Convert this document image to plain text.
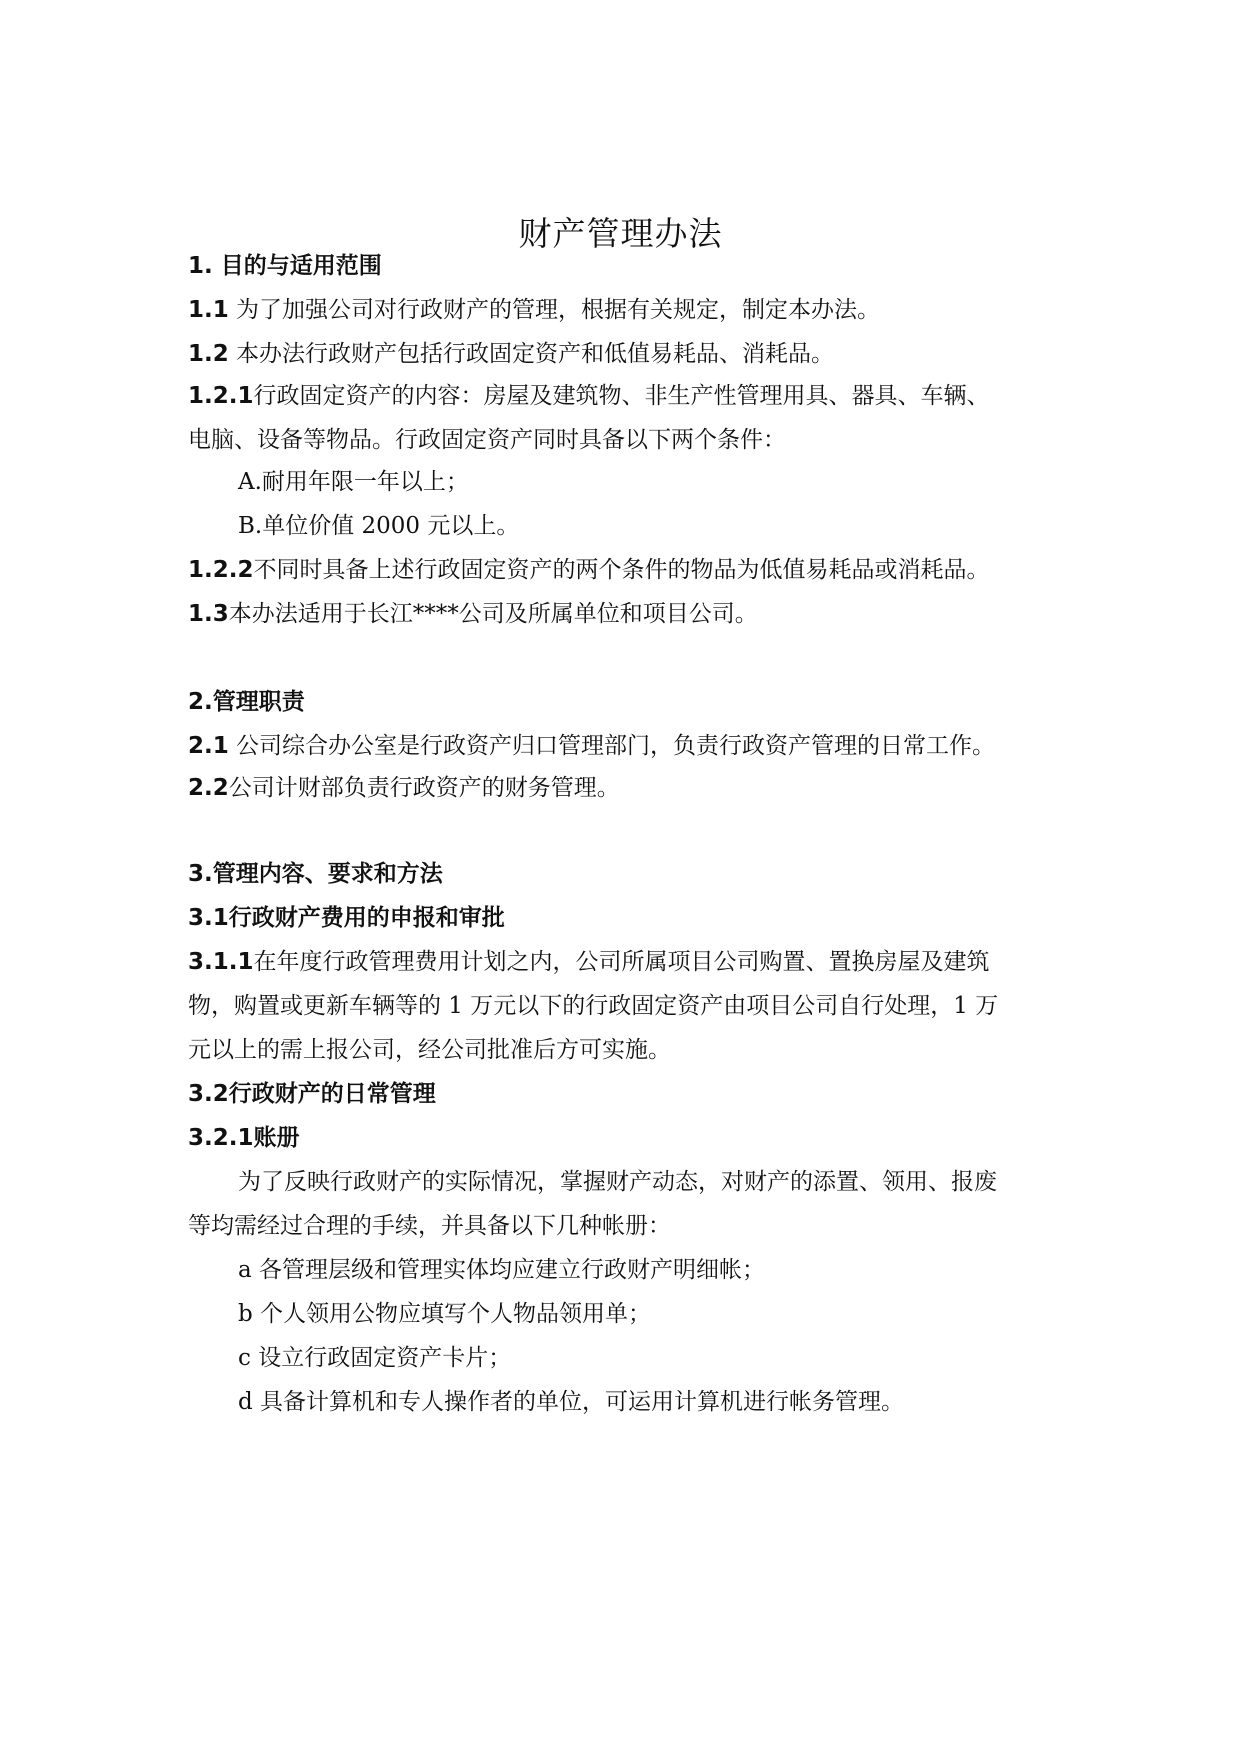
财产管理办法
1. 目的与适用范围
1.1 为了加强公司对行政财产的管理，根据有关规定，制定本办法。
1.2 本办法行政财产包括行政固定资产和低值易耗品、消耗品。
1.2.1行政固定资产的内容：房屋及建筑物、非生产性管理用具、器具、车辆、
电脑、设备等物品。行政固定资产同时具备以下两个条件：
A.耐用年限一年以上；
B.单位价值 2000 元以上。
1.2.2不同时具备上述行政固定资产的两个条件的物品为低值易耗品或消耗品。
1.3本办法适用于长江****公司及所属单位和项目公司。
2.管理职责
2.1 公司综合办公室是行政资产归口管理部门，负责行政资产管理的日常工作。
2.2公司计财部负责行政资产的财务管理。
3.管理内容、要求和方法
3.1行政财产费用的申报和审批
3.1.1在年度行政管理费用计划之内，公司所属项目公司购置、置换房屋及建筑
物，购置或更新车辆等的 1 万元以下的行政固定资产由项目公司自行处理，1 万
元以上的需上报公司，经公司批准后方可实施。
3.2行政财产的日常管理
3.2.1账册
为了反映行政财产的实际情况，掌握财产动态，对财产的添置、领用、报废
等均需经过合理的手续，并具备以下几种帐册：
a 各管理层级和管理实体均应建立行政财产明细帐；
b 个人领用公物应填写个人物品领用单；
c 设立行政固定资产卡片；
d 具备计算机和专人操作者的单位，可运用计算机进行帐务管理。
